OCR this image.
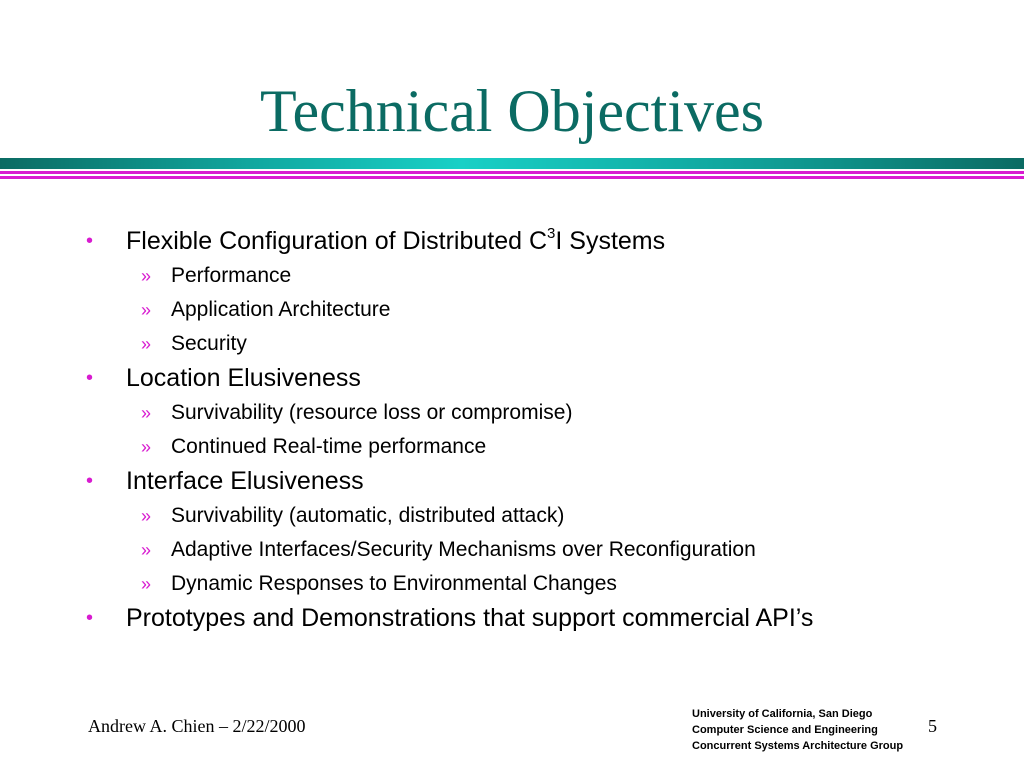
Technical Objectives
• Flexible Configuration of Distributed $C^3I$ Systems
» Performance
» Application Architecture
» Security
• Location Elusiveness
» Survivability (resource loss or compromise)
» Continued Real-time performance
• Interface Elusiveness
» Survivability (automatic, distributed attack)
» Adaptive Interfaces/Security Mechanisms over Reconfiguration
» Dynamic Responses to Environmental Changes
• Prototypes and Demonstrations that support commercial API’s
Andrew A. Chien – 2/22/2000
University of California, San Diego
Computer Science and Engineering
Concurrent Systems Architecture Group
5
